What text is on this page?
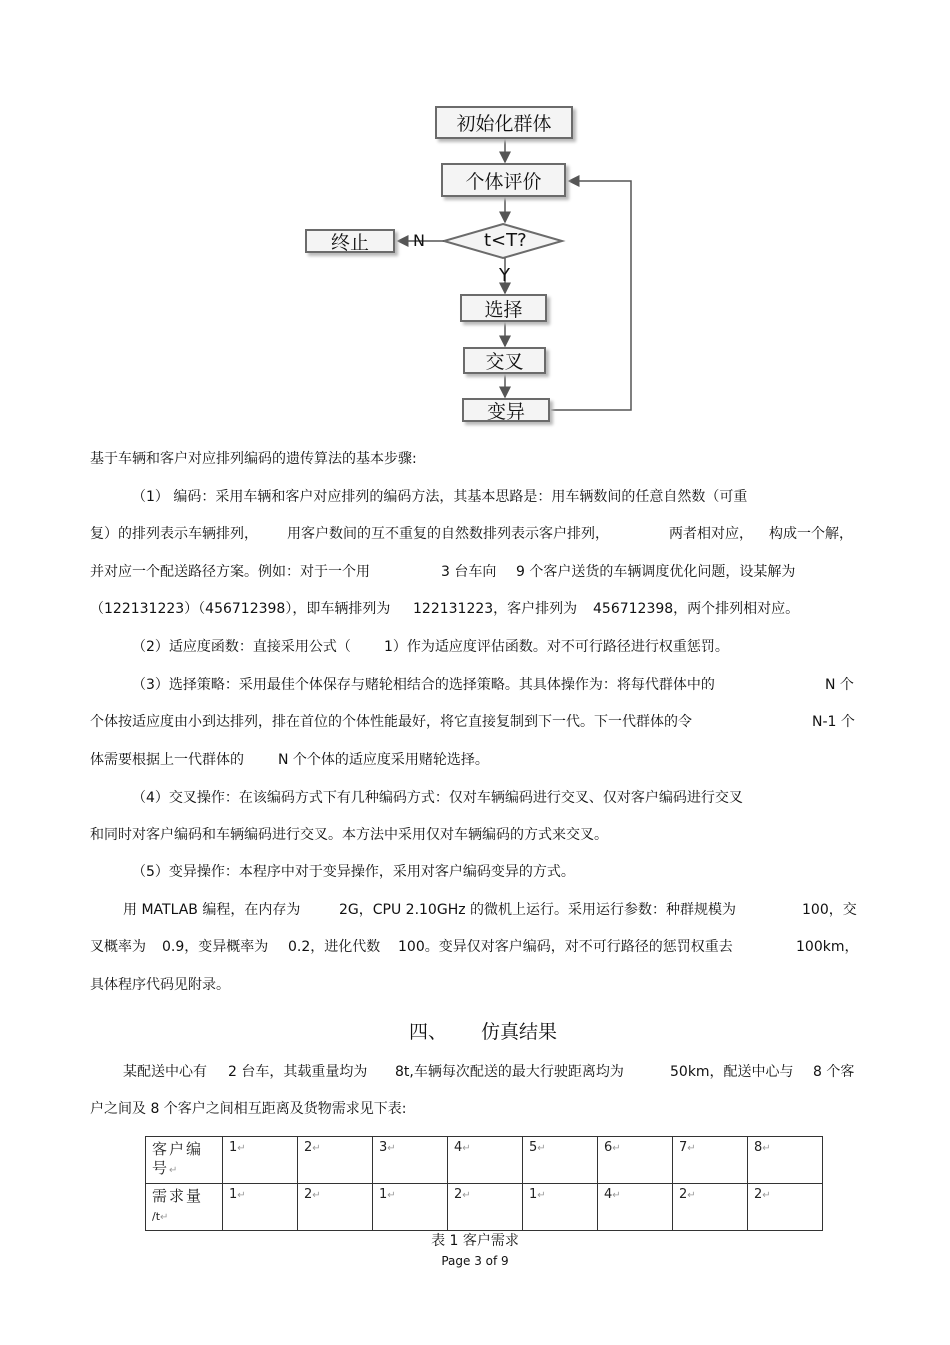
初始化群体
个体评价
t<T?
终止	N
Y
选择
交叉
变异
基于车辆和客户对应排列编码的遗传算法的基本步骤:
（1） 编码：采用车辆和客户对应排列的编码方法，其基本思路是：用车辆数间的任意自然数（可重
复）的排列表示车辆排列， 用客户数间的互不重复的自然数排列表示客户排列，	两者相对应， 构成一个解，
并对应一个配送路径方案。例如：对于一个用	3 台车向 9 个客户送货的车辆调度优化问题，设某解为
（122131223）（456712398），即车辆排列为 122131223，客户排列为 456712398，两个排列相对应。
（2）适应度函数：直接采用公式（ 1）作为适应度评估函数。对不可行路径进行权重惩罚。
（3）选择策略：采用最佳个体保存与赌轮相结合的选择策略。其具体操作为：将每代群体中的	N 个
个体按适应度由小到达排列，排在首位的个体性能最好，将它直接复制到下一代。下一代群体的令	N-1 个
体需要根据上一代群体的 N 个个体的适应度采用赌轮选择。
（4）交叉操作：在该编码方式下有几种编码方式：仅对车辆编码进行交叉、仅对客户编码进行交叉
和同时对客户编码和车辆编码进行交叉。本方法中采用仅对车辆编码的方式来交叉。
（5）变异操作：本程序中对于变异操作，采用对客户编码变异的方式。
用 MATLAB 编程，在内存为	2G，CPU 2.10GHz 的微机上运行。采用运行参数：种群规模为	100，交
叉概率为 0.9，变异概率为 0.2，进化代数 100。变异仅对客户编码，对不可行路径的惩罚权重去	100km，
具体程序代码见附录。
四、 仿真结果
某配送中心有 2 台车，其载重量均为 8t,车辆每次配送的最大行驶距离均为	50km，配送中心与 8 个客
户之间及 8 个客户之间相互距离及货物需求见下表:
客户编
号↵	1↵	2↵	3↵	4↵	5↵	6↵	7↵	8↵
需求量
/t↵	1↵	2↵	1↵	2↵	1↵	4↵	2↵	2↵
表 1 客户需求
Page 3 of 9
